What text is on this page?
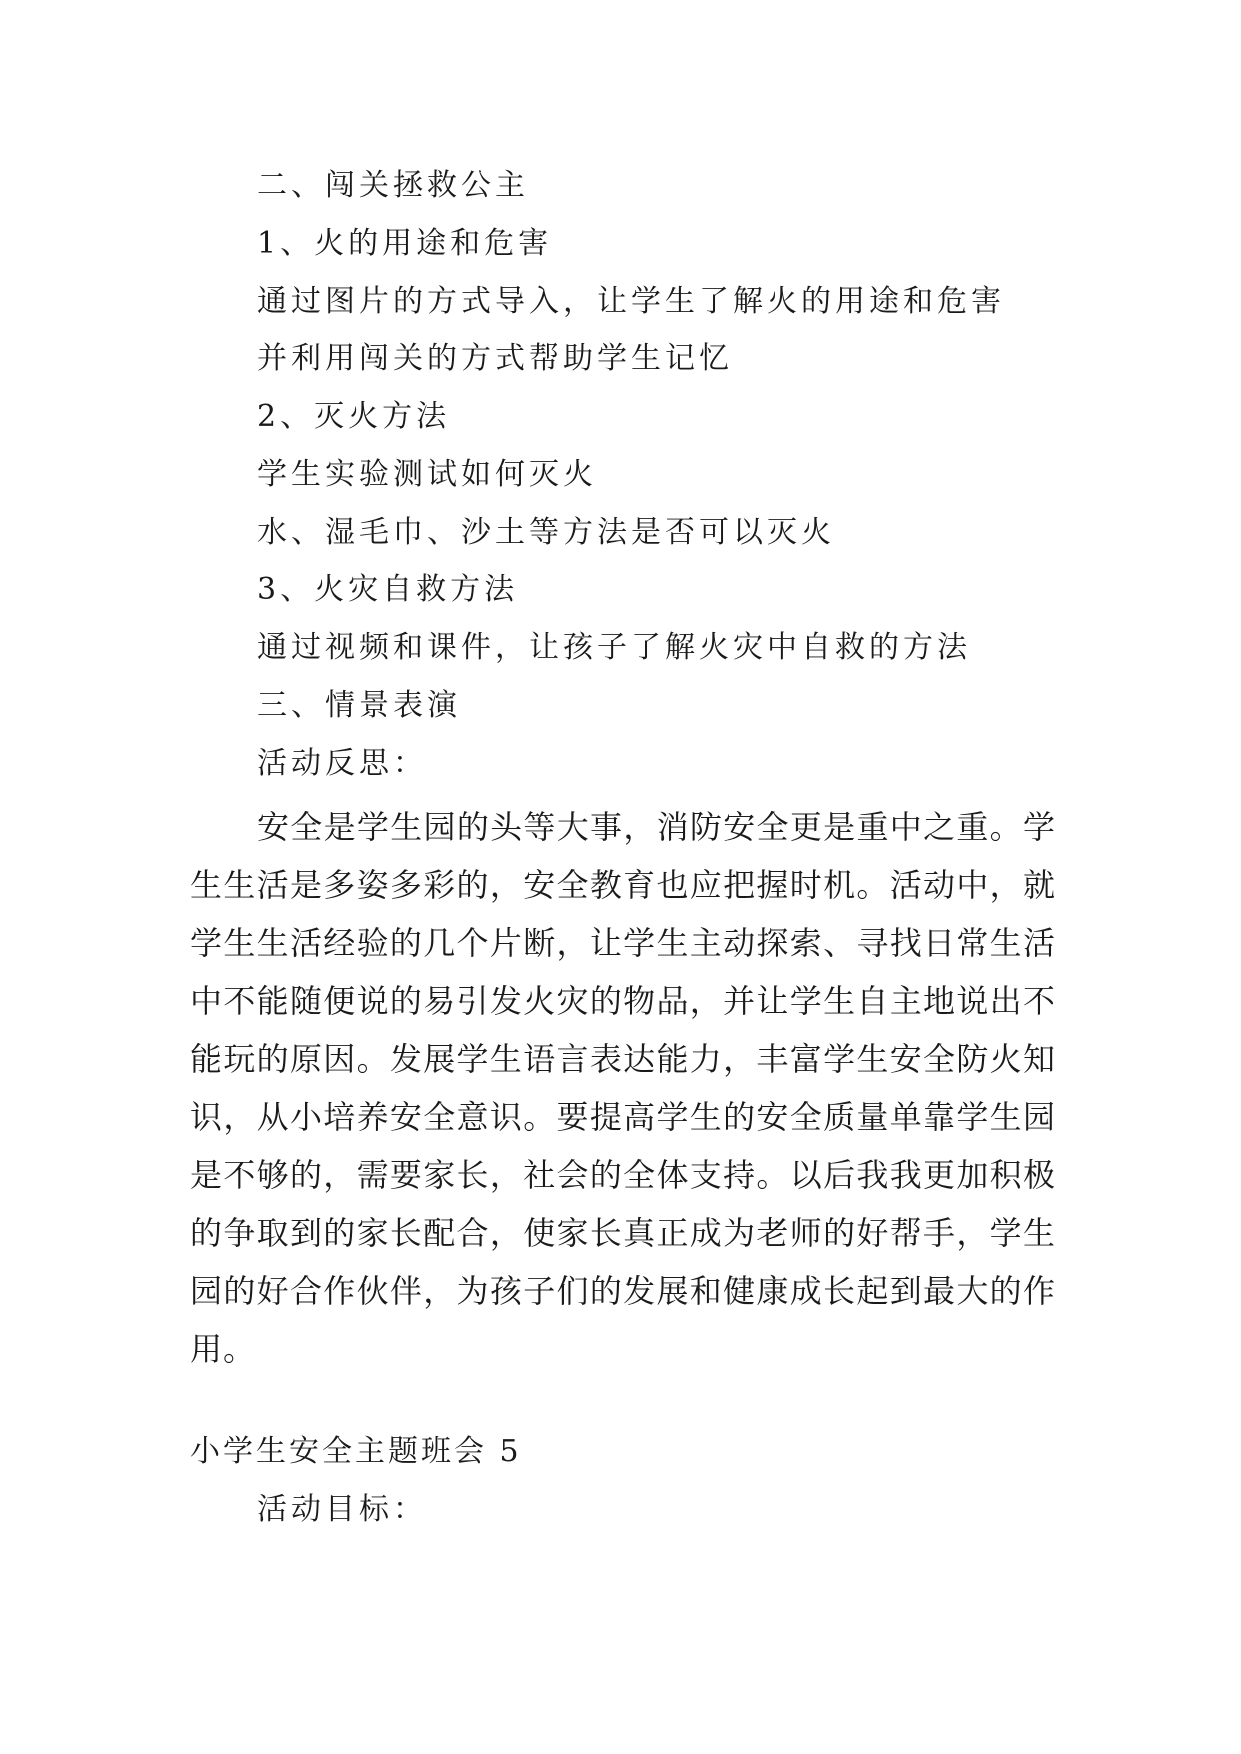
二、闯关拯救公主
1、火的用途和危害
通过图片的方式导入，让学生了解火的用途和危害
并利用闯关的方式帮助学生记忆
2、灭火方法
学生实验测试如何灭火
水、湿毛巾、沙土等方法是否可以灭火
3、火灾自救方法
通过视频和课件，让孩子了解火灾中自救的方法
三、情景表演
活动反思：
安全是学生园的头等大事，消防安全更是重中之重。学生生活是多姿多彩的，安全教育也应把握时机。活动中，就学生生活经验的几个片断，让学生主动探索、寻找日常生活中不能随便说的易引发火灾的物品，并让学生自主地说出不能玩的原因。发展学生语言表达能力，丰富学生安全防火知识，从小培养安全意识。要提高学生的安全质量单靠学生园是不够的，需要家长，社会的全体支持。以后我我更加积极的争取到的家长配合，使家长真正成为老师的好帮手，学生园的好合作伙伴，为孩子们的发展和健康成长起到最大的作用。
小学生安全主题班会 5
活动目标：
